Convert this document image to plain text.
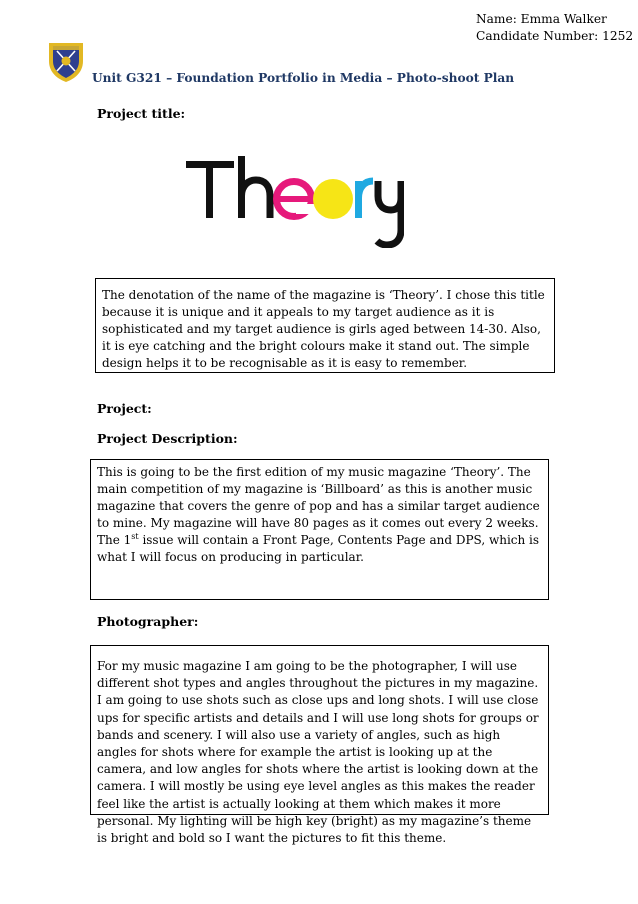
Name: Emma Walker
Candidate Number: 1252
Unit G321 – Foundation Portfolio in Media – Photo-shoot Plan
Project title:

The denotation of the name of the magazine is ‘Theory’. I chose this title because it is unique and it appeals to my target audience as it is sophisticated and my target audience is girls aged between 14-30. Also, it is eye catching and the bright colours make it stand out. The simple design helps it to be recognisable as it is easy to remember.

Project:
Project Description:

This is going to be the first edition of my music magazine ‘Theory’. The main competition of my magazine is ‘Billboard’ as this is another music magazine that covers the genre of pop and has a similar target audience to mine. My magazine will have 80 pages as it comes out every 2 weeks. The 1st issue will contain a Front Page, Contents Page and DPS, which is what I will focus on producing in particular.

Photographer:

For my music magazine I am going to be the photographer, I will use different shot types and angles throughout the pictures in my magazine. I am going to use shots such as close ups and long shots. I will use close ups for specific artists and details and I will use long shots for groups or bands and scenery. I will also use a variety of angles, such as high angles for shots where for example the artist is looking up at the camera, and low angles for shots where the artist is looking down at the camera. I will mostly be using eye level angles as this makes the reader feel like the artist is actually looking at them which makes it more personal. My lighting will be high key (bright) as my magazine’s theme is bright and bold so I want the pictures to fit this theme.
